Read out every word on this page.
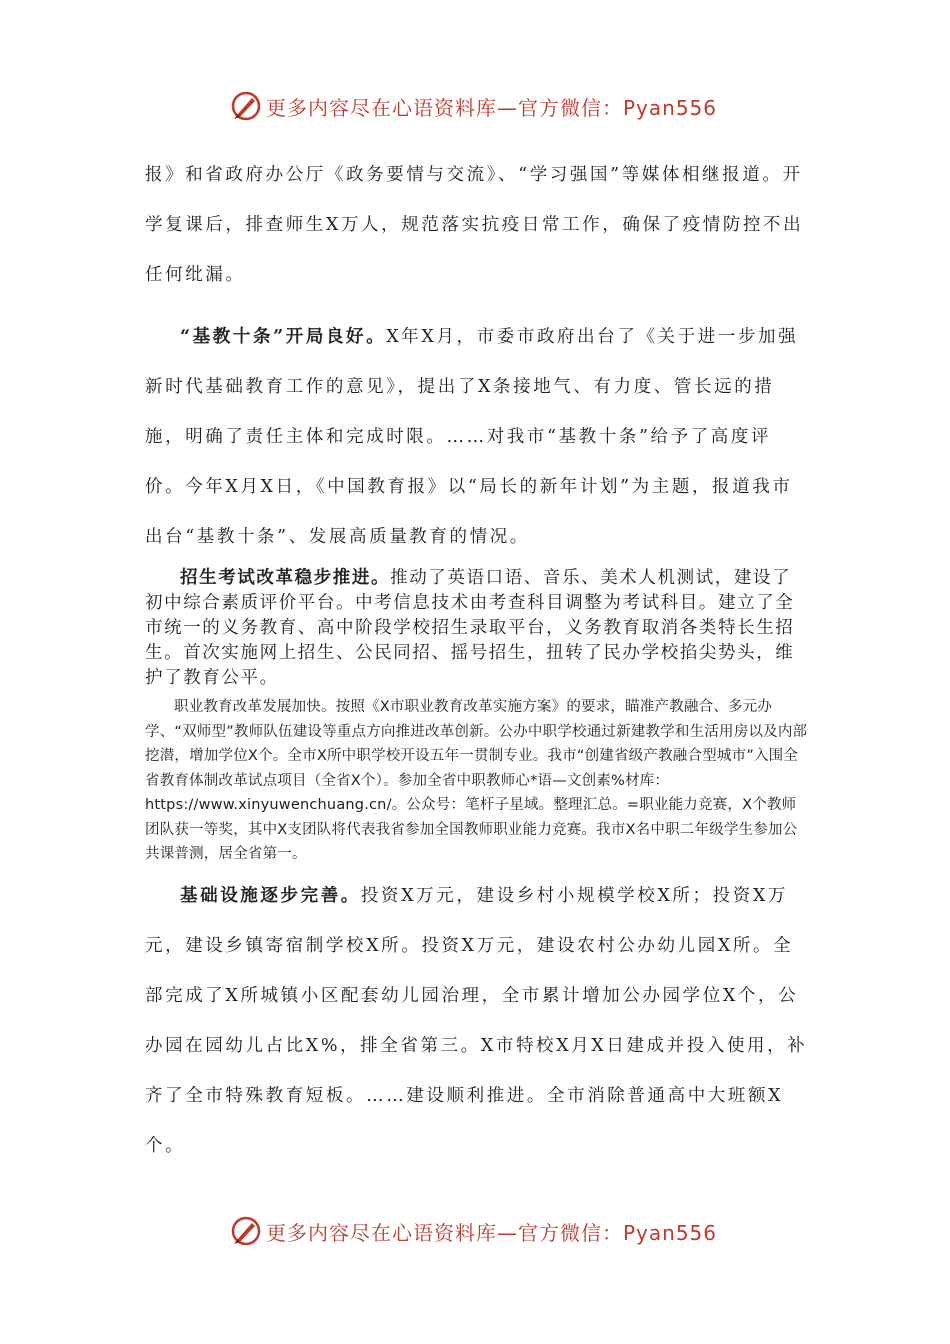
更多内容尽在心语资料库—官方微信：Pyan556

报》和省政府办公厅《政务要情与交流》、“学习强国”等媒体相继报道。开学复课后，排查师生X万人，规范落实抗疫日常工作，确保了疫情防控不出任何纰漏。

“基教十条”开局良好。X年X月，市委市政府出台了《关于进一步加强新时代基础教育工作的意见》，提出了X条接地气、有力度、管长远的措施，明确了责任主体和完成时限。……对我市“基教十条”给予了高度评价。今年X月X日，《中国教育报》以“局长的新年计划”为主题，报道我市出台“基教十条”、发展高质量教育的情况。

招生考试改革稳步推进。推动了英语口语、音乐、美术人机测试，建设了初中综合素质评价平台。中考信息技术由考查科目调整为考试科目。建立了全市统一的义务教育、高中阶段学校招生录取平台，义务教育取消各类特长生招生。首次实施网上招生、公民同招、摇号招生，扭转了民办学校掐尖势头，维护了教育公平。

职业教育改革发展加快。按照《X市职业教育改革实施方案》的要求，瞄准产教融合、多元办学、“双师型”教师队伍建设等重点方向推进改革创新。公办中职学校通过新建教学和生活用房以及内部挖潜，增加学位X个。全市X所中职学校开设五年一贯制专业。我市“创建省级产教融合型城市”入围全省教育体制改革试点项目（全省X个）。参加全省中职教师心*语—文创素%材库：https://www.xinyuwenchuang.cn/。公众号：笔杆子星域。整理汇总。=职业能力竞赛，X个教师团队获一等奖，其中X支团队将代表我省参加全国教师职业能力竞赛。我市X名中职二年级学生参加公共课普测，居全省第一。

基础设施逐步完善。投资X万元，建设乡村小规模学校X所；投资X万元，建设乡镇寄宿制学校X所。投资X万元，建设农村公办幼儿园X所。全部完成了X所城镇小区配套幼儿园治理，全市累计增加公办园学位X个，公办园在园幼儿占比X%，排全省第三。X市特校X月X日建成并投入使用，补齐了全市特殊教育短板。……建设顺利推进。全市消除普通高中大班额X个。

更多内容尽在心语资料库—官方微信：Pyan556
